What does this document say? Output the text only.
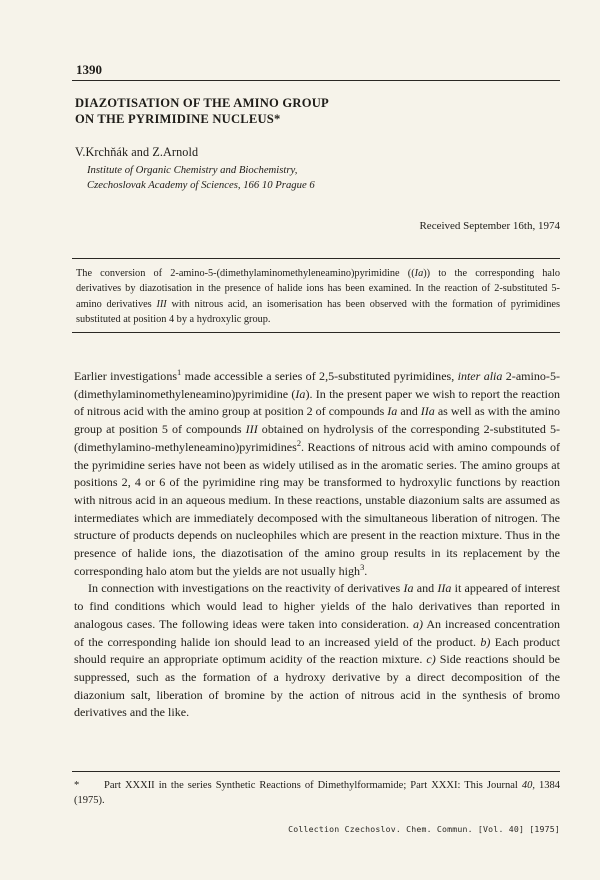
1390
DIAZOTISATION OF THE AMINO GROUP
ON THE PYRIMIDINE NUCLEUS*
V.Krchňák and Z.Arnold
Institute of Organic Chemistry and Biochemistry,
Czechoslovak Academy of Sciences, 166 10 Prague 6
Received September 16th, 1974
The conversion of 2-amino-5-(dimethylaminomethyleneamino)pyrimidine ((Ia)) to the corresponding halo derivatives by diazotisation in the presence of halide ions has been examined. In the reaction of 2-substituted 5-amino derivatives III with nitrous acid, an isomerisation has been observed with the formation of pyrimidines substituted at position 4 by a hydroxylic group.

Earlier investigations$^1$ made accessible a series of 2,5-substituted pyrimidines, inter alia 2-amino-5-(dimethylaminomethyleneamino)pyrimidine (Ia). In the present paper we wish to report the reaction of nitrous acid with the amino group at position 2 of compounds Ia and IIa as well as with the amino group at position 5 of compounds III obtained on hydrolysis of the corresponding 2-substituted 5-(dimethylamino-methyleneamino)pyrimidines$^2$. Reactions of nitrous acid with amino compounds of the pyrimidine series have not been as widely utilised as in the aromatic series. The amino groups at positions 2, 4 or 6 of the pyrimidine ring may be transformed to hydroxylic functions by reaction with nitrous acid in an aqueous medium. In these reactions, unstable diazonium salts are assumed as intermediates which are immediately decomposed with the simultaneous liberation of nitrogen. The structure of products depends on nucleophiles which are present in the reaction mixture. Thus in the presence of halide ions, the diazotisation of the amino group results in its replacement by the corresponding halo atom but the yields are not usually high$^3$.

In connection with investigations on the reactivity of derivatives Ia and IIa it appeared of interest to find conditions which would lead to higher yields of the halo derivatives than reported in analogous cases. The following ideas were taken into consideration. a) An increased concentration of the corresponding halide ion should lead to an increased yield of the product. b) Each product should require an appropriate optimum acidity of the reaction mixture. c) Side reactions should be suppressed, such as the formation of a hydroxy derivative by a direct decomposition of the diazonium salt, liberation of bromine by the action of nitrous acid in the synthesis of bromo derivatives and the like.

* Part XXXII in the series Synthetic Reactions of Dimethylformamide; Part XXXI: This Journal 40, 1384 (1975).
Collection Czechoslov. Chem. Commun. [Vol. 40] [1975]
